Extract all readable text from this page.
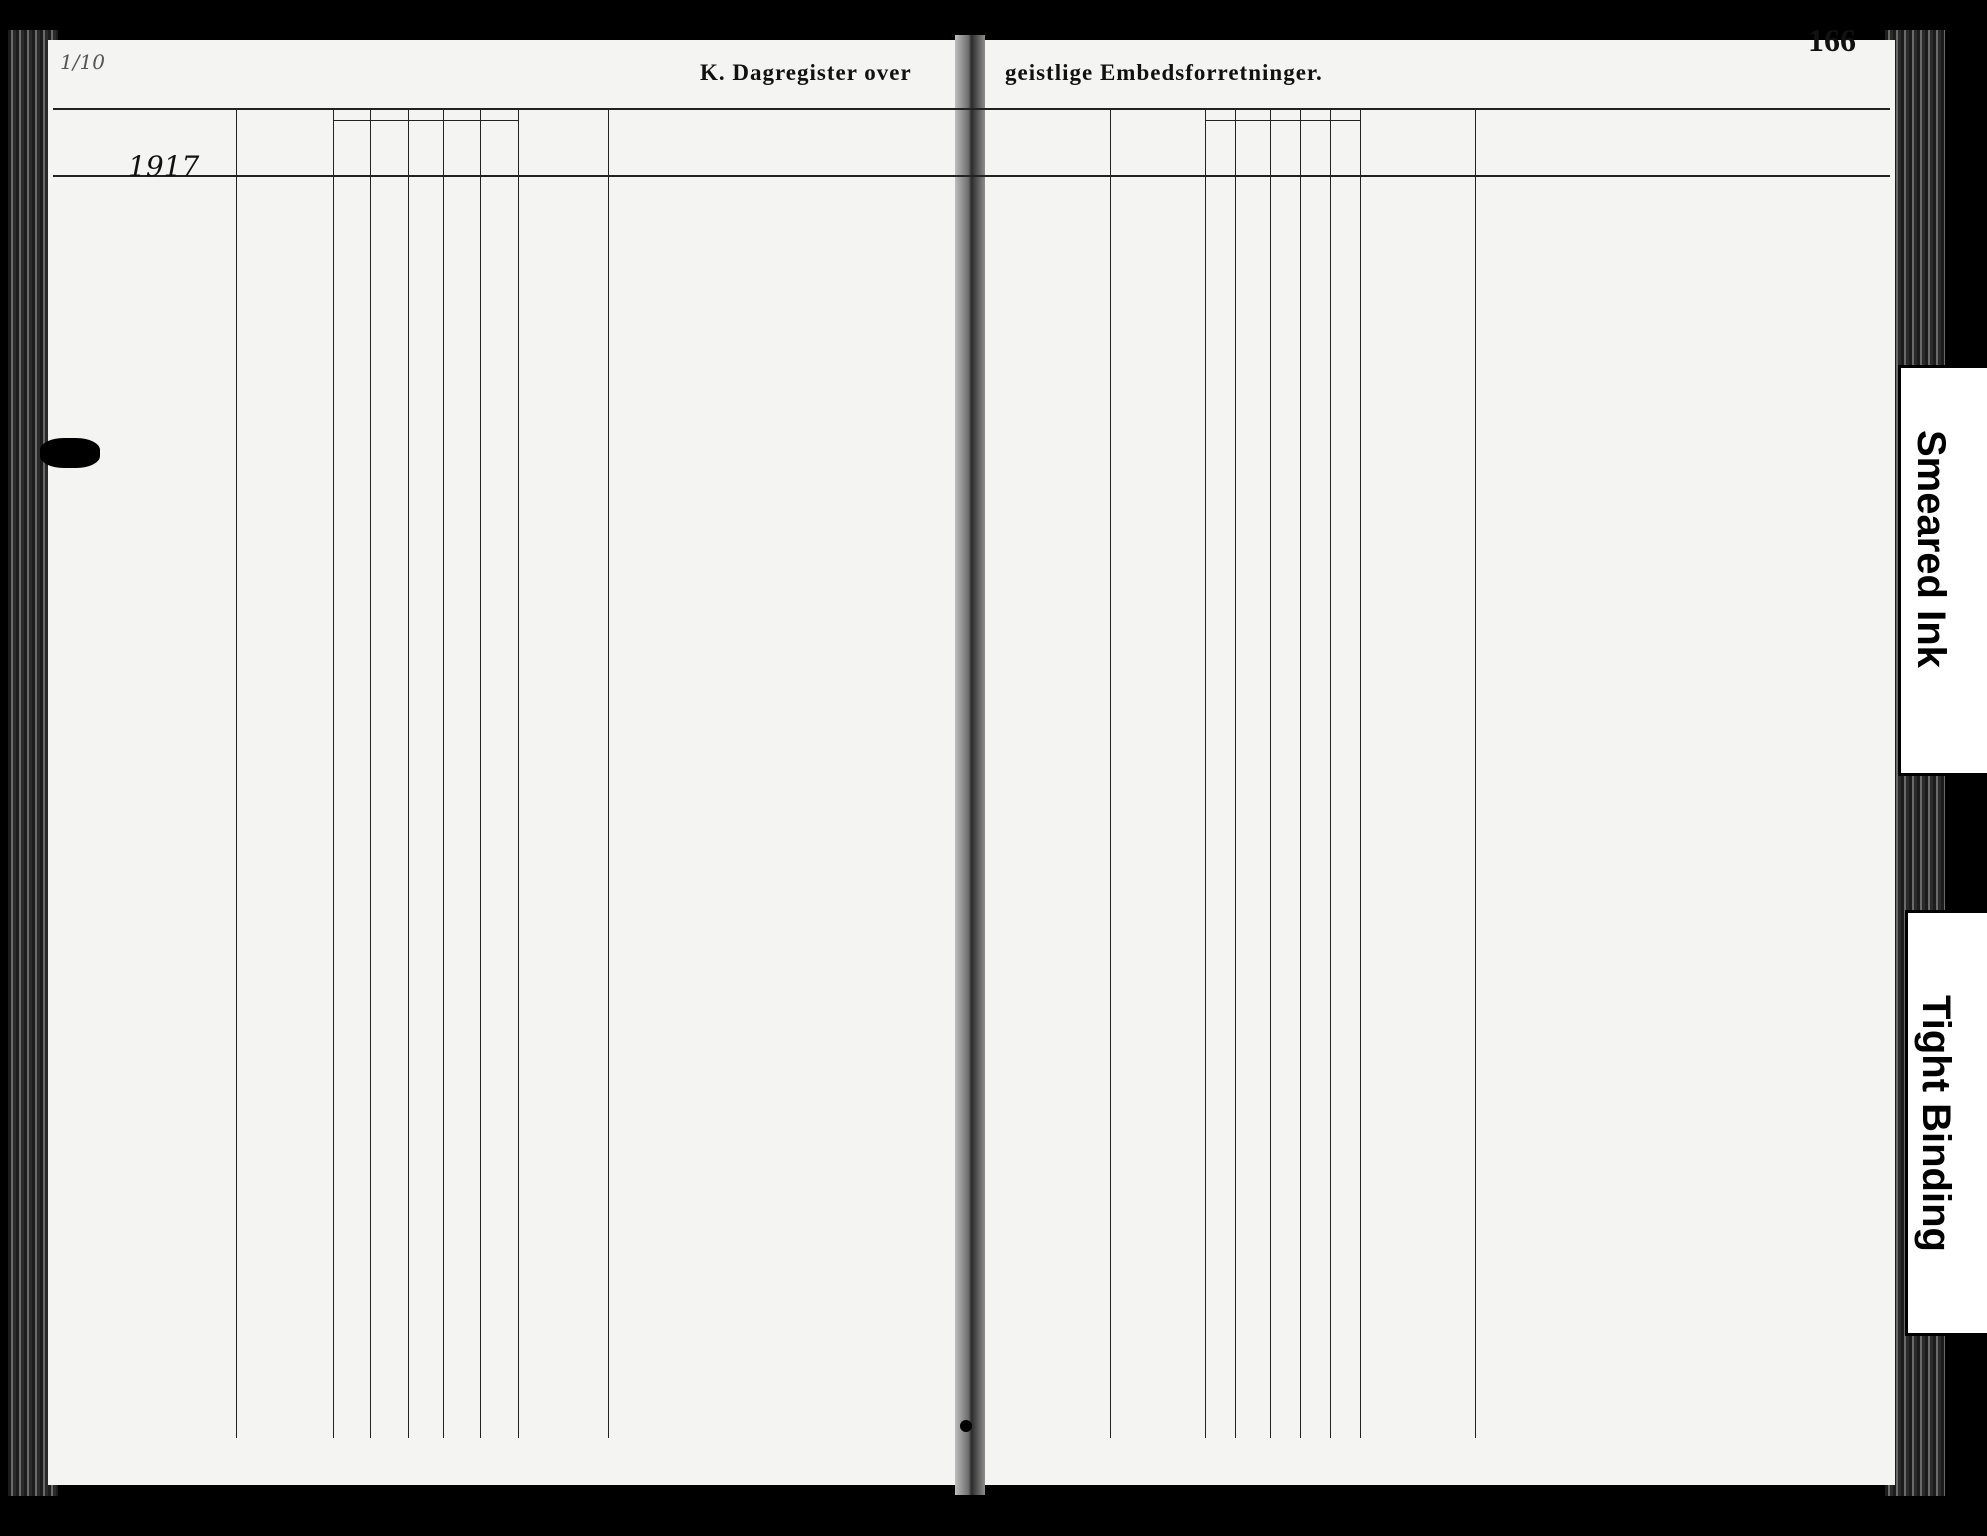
1/10	K. Dagregister over	geistlige Embedsforretninger.
166
1917
Smeared Ink
Tight Binding
